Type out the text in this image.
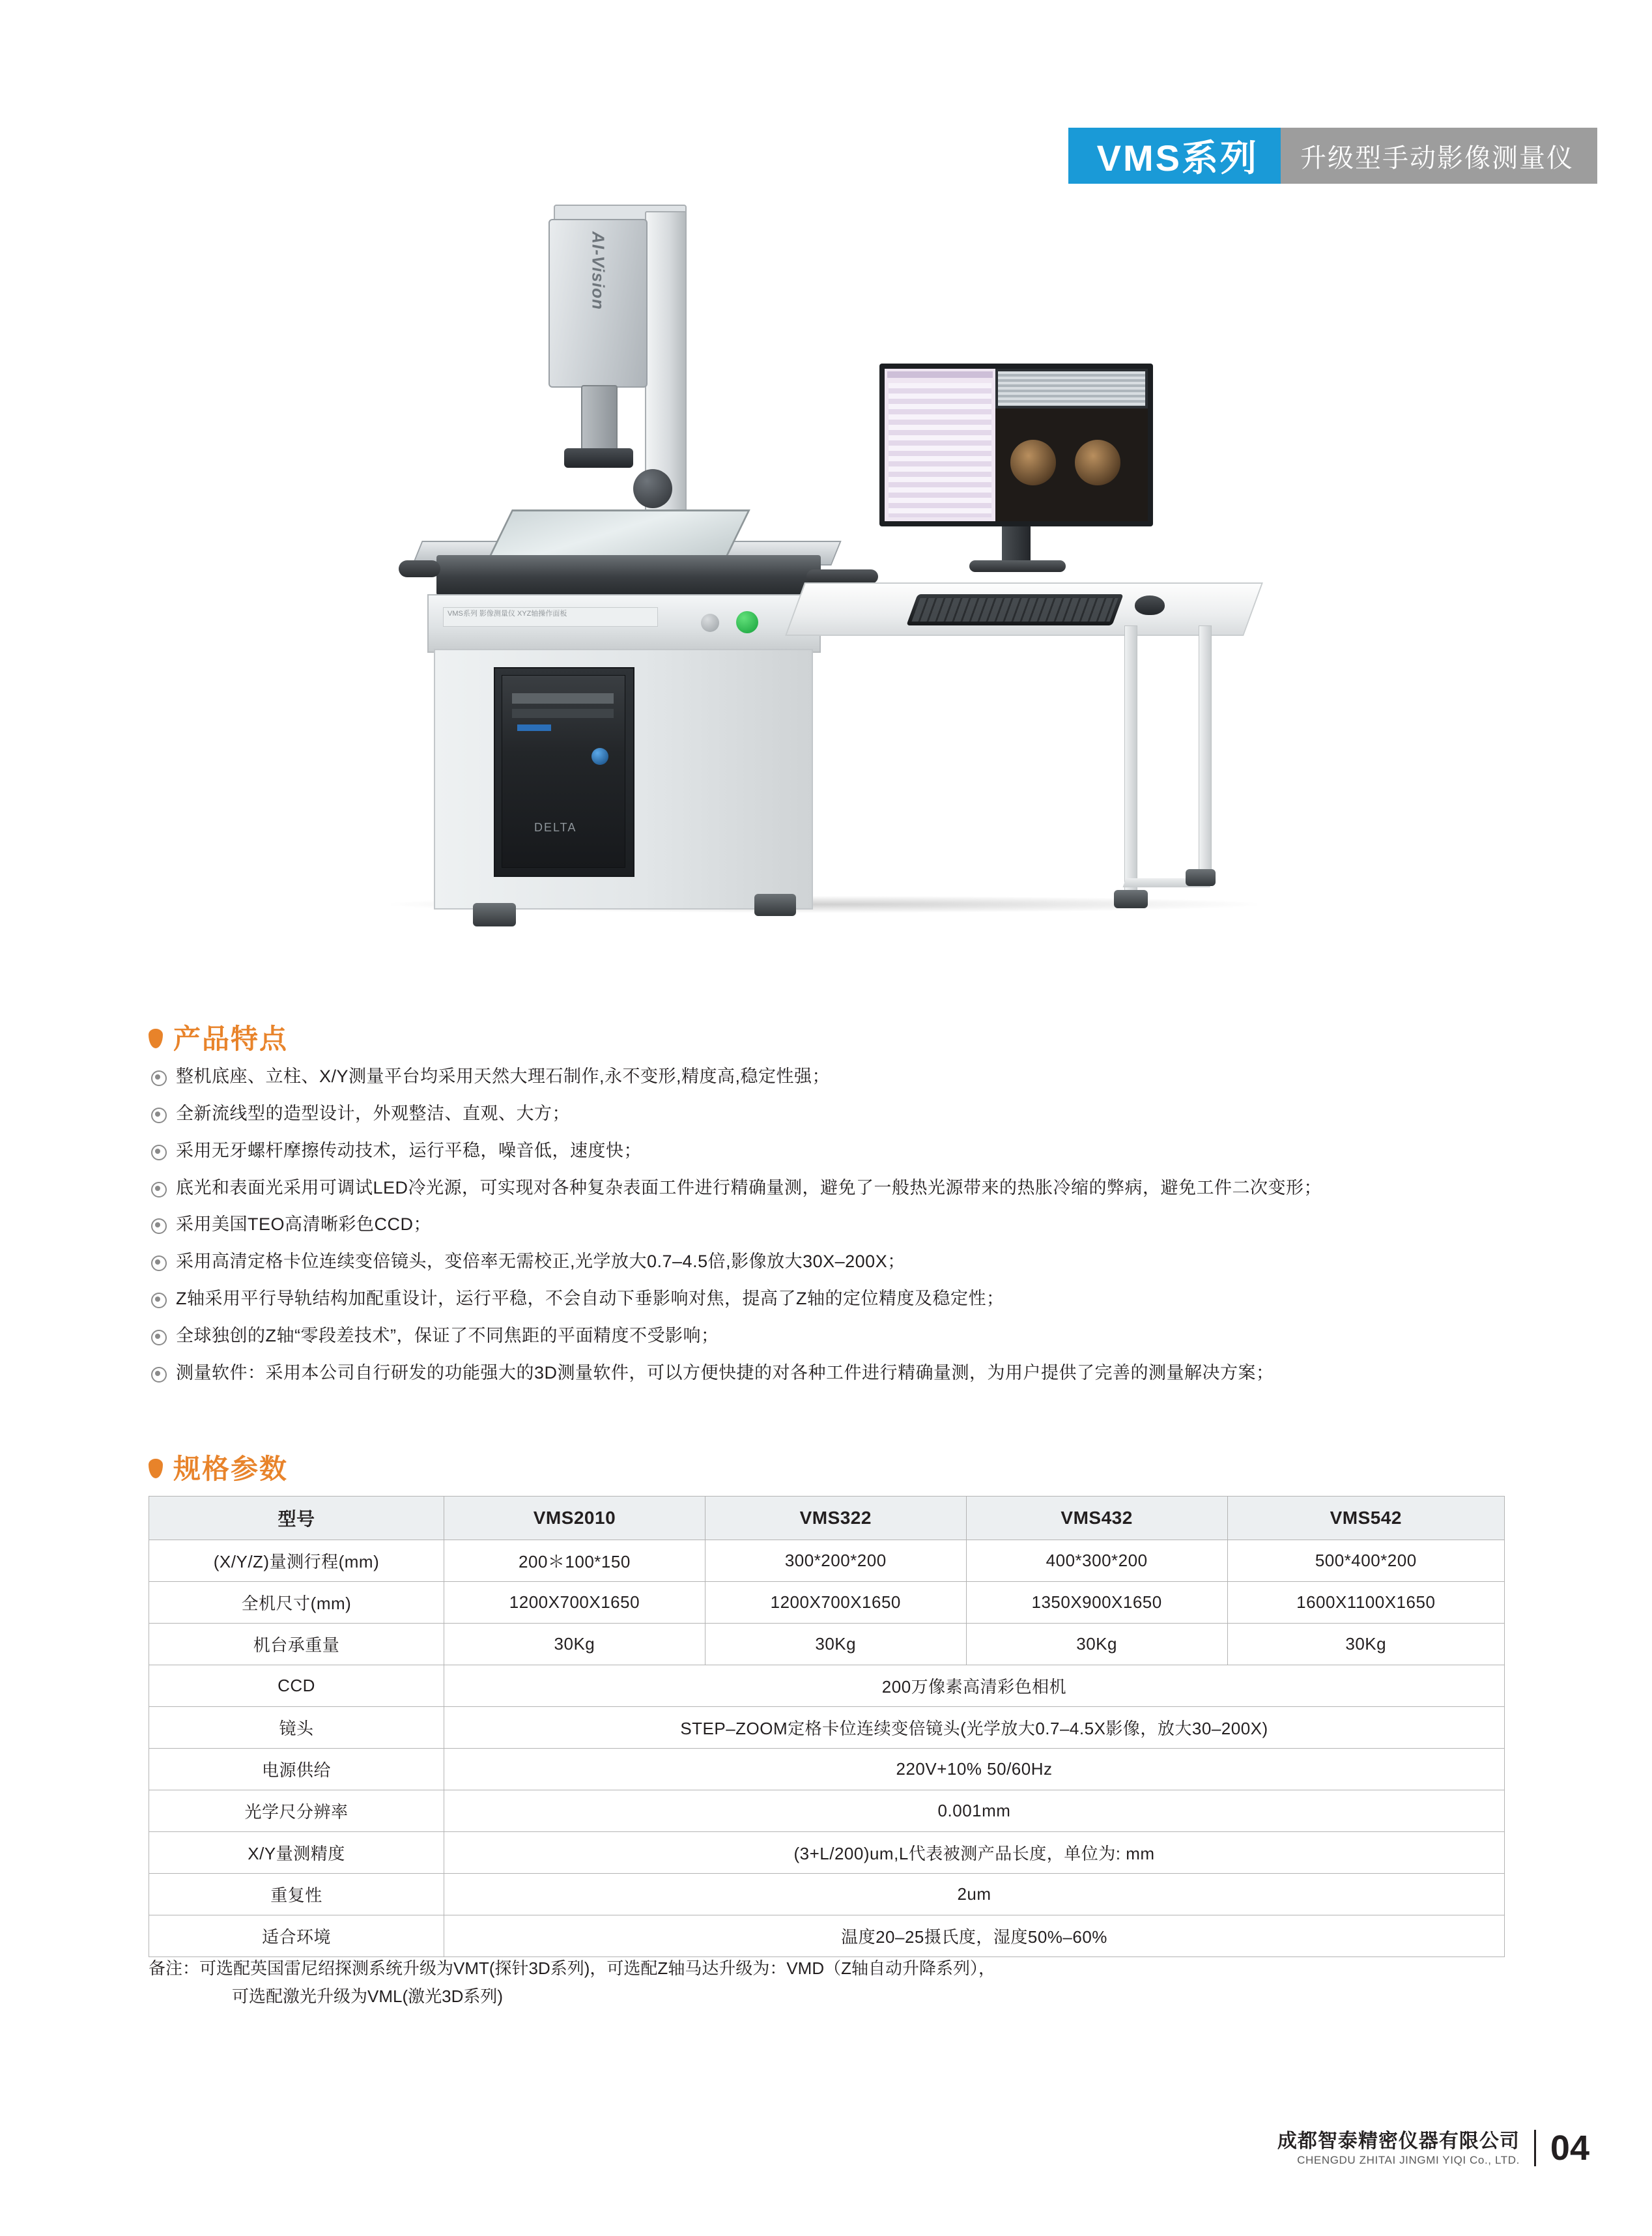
VMS系列 升级型手动影像测量仪
AI-Vision
VMS系列 影像测量仪 XYZ轴操作面板
DELTA
产品特点
整机底座、立柱、X/Y测量平台均采用天然大理石制作,永不变形,精度高,稳定性强；
全新流线型的造型设计，外观整洁、直观、大方；
采用无牙螺杆摩擦传动技术，运行平稳，噪音低，速度快；
底光和表面光采用可调试LED冷光源，可实现对各种复杂表面工件进行精确量测，避免了一般热光源带来的热胀冷缩的弊病，避免工件二次变形；
采用美国TEO高清晰彩色CCD；
采用高清定格卡位连续变倍镜头，变倍率无需校正,光学放大0.7–4.5倍,影像放大30X–200X；
Z轴采用平行导轨结构加配重设计，运行平稳，不会自动下垂影响对焦，提高了Z轴的定位精度及稳定性；
全球独创的Z轴“零段差技术”，保证了不同焦距的平面精度不受影响；
测量软件：采用本公司自行研发的功能强大的3D测量软件，可以方便快捷的对各种工件进行精确量测，为用户提供了完善的测量解决方案；
规格参数
型号	VMS2010	VMS322	VMS432	VMS542
(X/Y/Z)量测行程(mm)	200＊100*150	300*200*200	400*300*200	500*400*200
全机尺寸(mm)	1200X700X1650	1200X700X1650	1350X900X1650	1600X1100X1650
机台承重量	30Kg	30Kg	30Kg	30Kg
CCD	200万像素高清彩色相机			
镜头	STEP–ZOOM定格卡位连续变倍镜头(光学放大0.7–4.5X影像，放大30–200X)			
电源供给	220V+10% 50/60Hz			
光学尺分辨率	0.001mm			
X/Y量测精度	(3+L/200)um,L代表被测产品长度，单位为: mm			
重复性	2um			
适合环境	温度20–25摄氏度，湿度50%–60%			
备注：可选配英国雷尼绍探测系统升级为VMT(探针3D系列)，可选配Z轴马达升级为：VMD（Z轴自动升降系列），
可选配激光升级为VML(激光3D系列)
成都智泰精密仪器有限公司
CHENGDU ZHITAI JINGMI YIQI Co., LTD. 04
